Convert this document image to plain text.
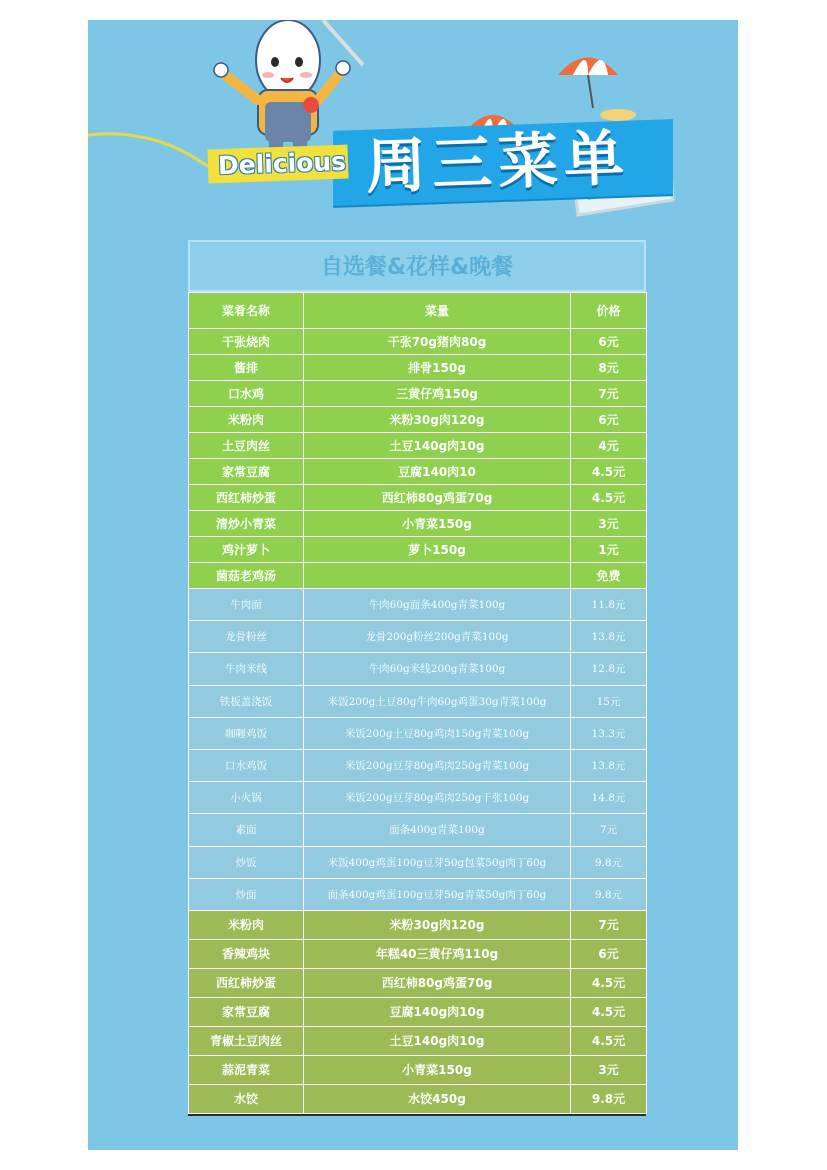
周三菜单
Delicious
自选餐&花样&晚餐
菜肴名称	菜量	价格
干张烧肉	干张70g猪肉80g	6元
酱排	排骨150g	8元
口水鸡	三黄仔鸡150g	7元
米粉肉	米粉30g肉120g	6元
土豆肉丝	土豆140g肉10g	4元
家常豆腐	豆腐140肉10	4.5元
西红柿炒蛋	西红柿80g鸡蛋70g	4.5元
清炒小青菜	小青菜150g	3元
鸡汁萝卜	萝卜150g	1元
菌菇老鸡汤		免费
牛肉面	牛肉60g面条400g青菜100g	11.8元
龙骨粉丝	龙骨200g粉丝200g青菜100g	13.8元
牛肉米线	牛肉60g米线200g青菜100g	12.8元
铁板盖浇饭	米饭200g土豆80g牛肉60g鸡蛋30g青菜100g	15元
咖喱鸡饭	米饭200g土豆80g鸡肉150g青菜100g	13.3元
口水鸡饭	米饭200g豆芽80g鸡肉250g青菜100g	13.8元
小火锅	米饭200g豆芽80g鸡肉250g干张100g	14.8元
素面	面条400g青菜100g	7元
炒饭	米饭400g鸡蛋100g豆芽50g包菜50g肉丁60g	9.8元
炒面	面条400g鸡蛋100g豆芽50g青菜50g肉丁60g	9.8元
米粉肉	米粉30g肉120g	7元
香辣鸡块	年糕40三黄仔鸡110g	6元
西红柿炒蛋	西红柿80g鸡蛋70g	4.5元
家常豆腐	豆腐140g肉10g	4.5元
青椒土豆肉丝	土豆140g肉10g	4.5元
蒜泥青菜	小青菜150g	3元
水饺	水饺450g	9.8元
